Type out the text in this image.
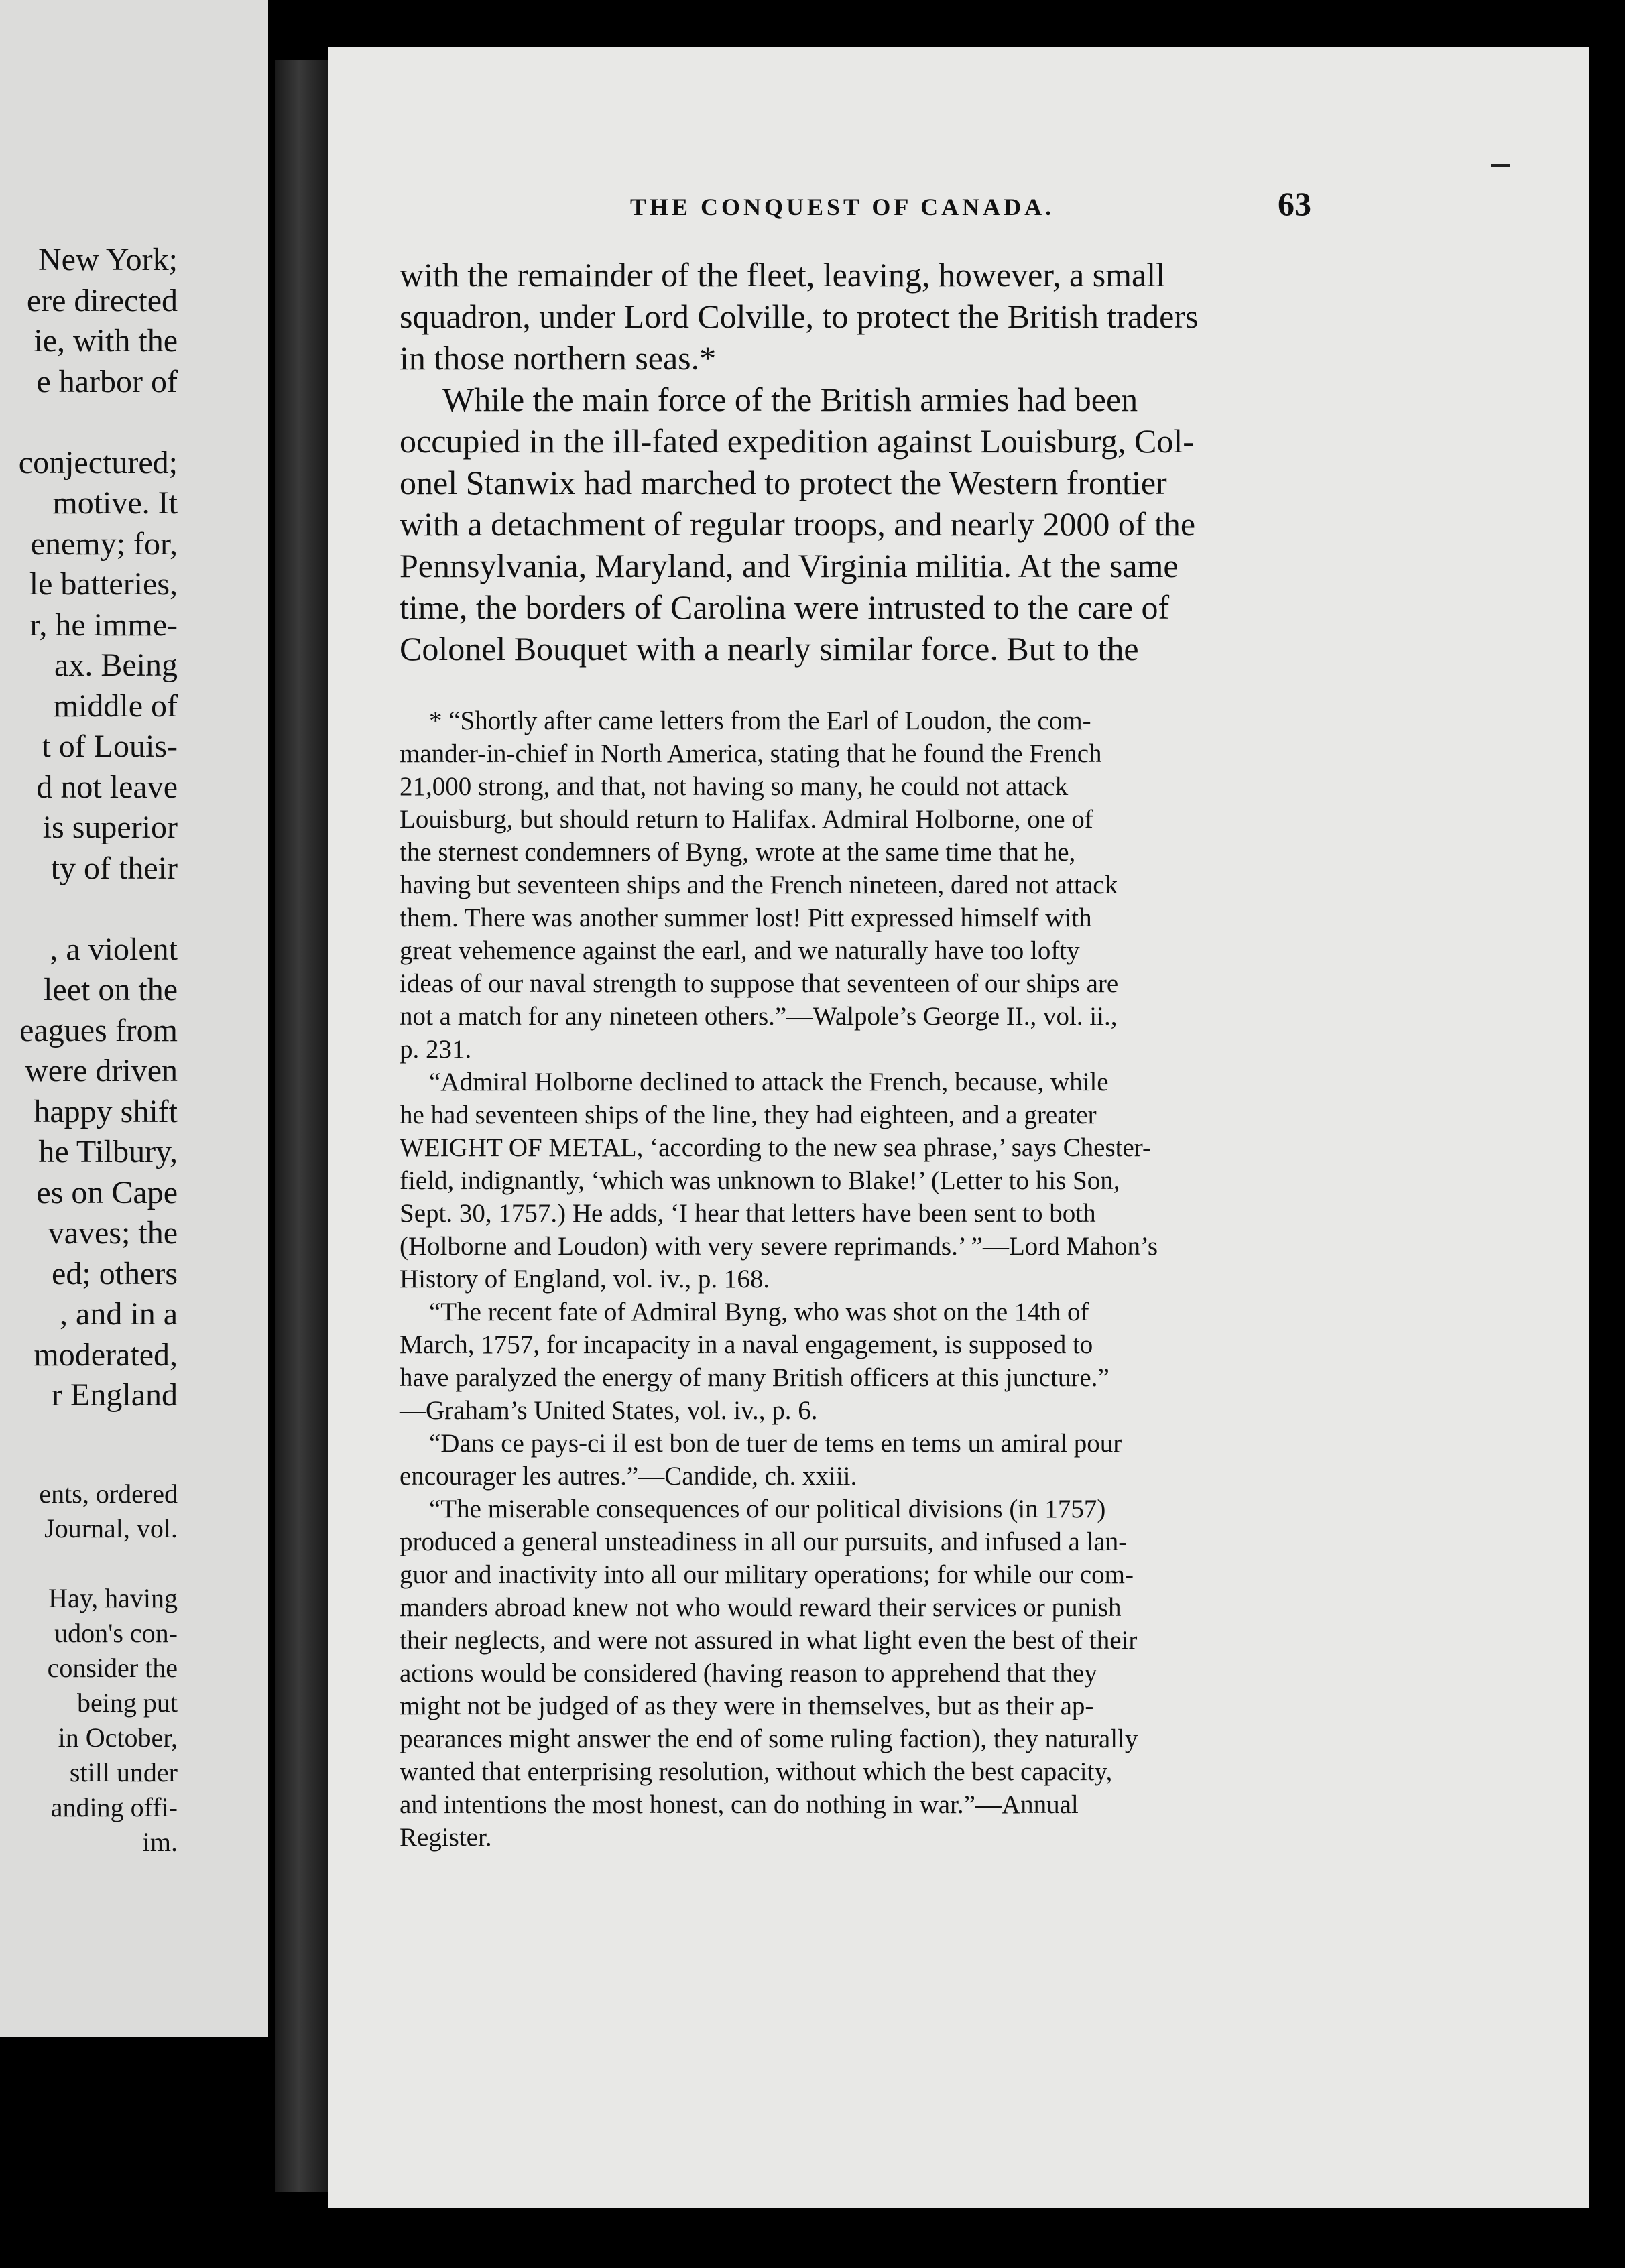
New York;
ere directed
ie, with the
e harbor of
conjectured;
motive. It
enemy; for,
le batteries,
r, he imme-
ax. Being
middle of
t of Louis-
d not leave
is superior
ty of their
, a violent
leet on the
eagues from
were driven
happy shift
he Tilbury,
es on Cape
vaves; the
ed; others
, and in a
moderated,
r England
ents, ordered
Journal, vol.
Hay, having
udon's con-
consider the
being put
in October,
still under
anding offi-
im.
THE CONQUEST OF CANADA.	63
with the remainder of the fleet, leaving, however, a small
squadron, under Lord Colville, to protect the British traders
in those northern seas.*
While the main force of the British armies had been
occupied in the ill-fated expedition against Louisburg, Col-
onel Stanwix had marched to protect the Western frontier
with a detachment of regular troops, and nearly 2000 of the
Pennsylvania, Maryland, and Virginia militia. At the same
time, the borders of Carolina were intrusted to the care of
Colonel Bouquet with a nearly similar force. But to the
* “Shortly after came letters from the Earl of Loudon, the com-
mander-in-chief in North America, stating that he found the French
21,000 strong, and that, not having so many, he could not attack
Louisburg, but should return to Halifax. Admiral Holborne, one of
the sternest condemners of Byng, wrote at the same time that he,
having but seventeen ships and the French nineteen, dared not attack
them. There was another summer lost! Pitt expressed himself with
great vehemence against the earl, and we naturally have too lofty
ideas of our naval strength to suppose that seventeen of our ships are
not a match for any nineteen others.”—Walpole’s George II., vol. ii.,
p. 231.
“Admiral Holborne declined to attack the French, because, while
he had seventeen ships of the line, they had eighteen, and a greater
WEIGHT OF METAL, ‘according to the new sea phrase,’ says Chester-
field, indignantly, ‘which was unknown to Blake!’ (Letter to his Son,
Sept. 30, 1757.) He adds, ‘I hear that letters have been sent to both
(Holborne and Loudon) with very severe reprimands.’ ”—Lord Mahon’s
History of England, vol. iv., p. 168.
“The recent fate of Admiral Byng, who was shot on the 14th of
March, 1757, for incapacity in a naval engagement, is supposed to
have paralyzed the energy of many British officers at this juncture.”
—Graham’s United States, vol. iv., p. 6.
“Dans ce pays-ci il est bon de tuer de tems en tems un amiral pour
encourager les autres.”—Candide, ch. xxiii.
“The miserable consequences of our political divisions (in 1757)
produced a general unsteadiness in all our pursuits, and infused a lan-
guor and inactivity into all our military operations; for while our com-
manders abroad knew not who would reward their services or punish
their neglects, and were not assured in what light even the best of their
actions would be considered (having reason to apprehend that they
might not be judged of as they were in themselves, but as their ap-
pearances might answer the end of some ruling faction), they naturally
wanted that enterprising resolution, without which the best capacity,
and intentions the most honest, can do nothing in war.”—Annual
Register.
